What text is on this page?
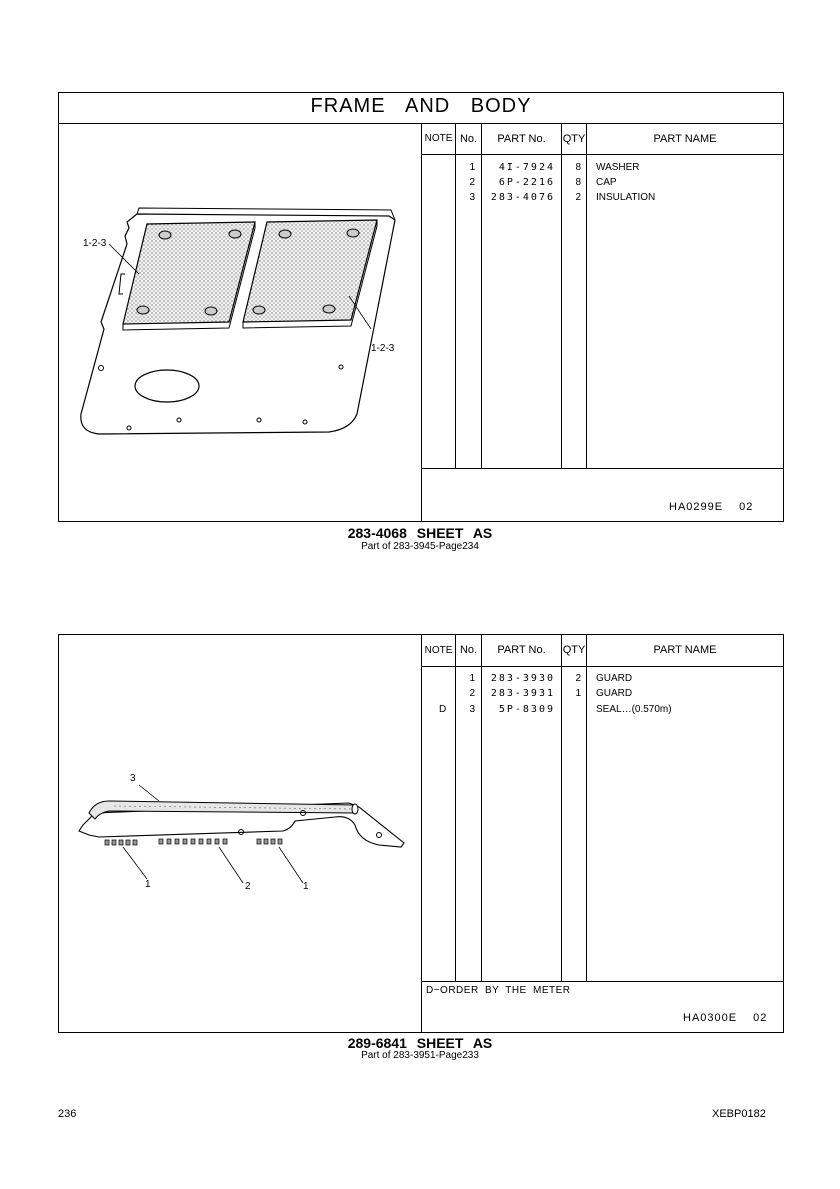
FRAME AND BODY
1-2-3
1-2-3
NOTE No.	PART No.	QTY	PART NAME
1	4I-7924	8 WASHER
2	6P-2216	8 CAP
3	283-4076	2 INSULATION
HA0299E 02
283-4068 SHEET AS
Part of 283-3945-Page234
3
1	2	1
NOTE No.	PART No.	QTY	PART NAME
1	283-3930	2 GUARD
2	283-3931	1 GUARD
D	3	5P-8309	SEAL…(0.570m)
D−ORDER BY THE METER
HA0300E 02
289-6841 SHEET AS
Part of 283-3951-Page233
236	XEBP0182
